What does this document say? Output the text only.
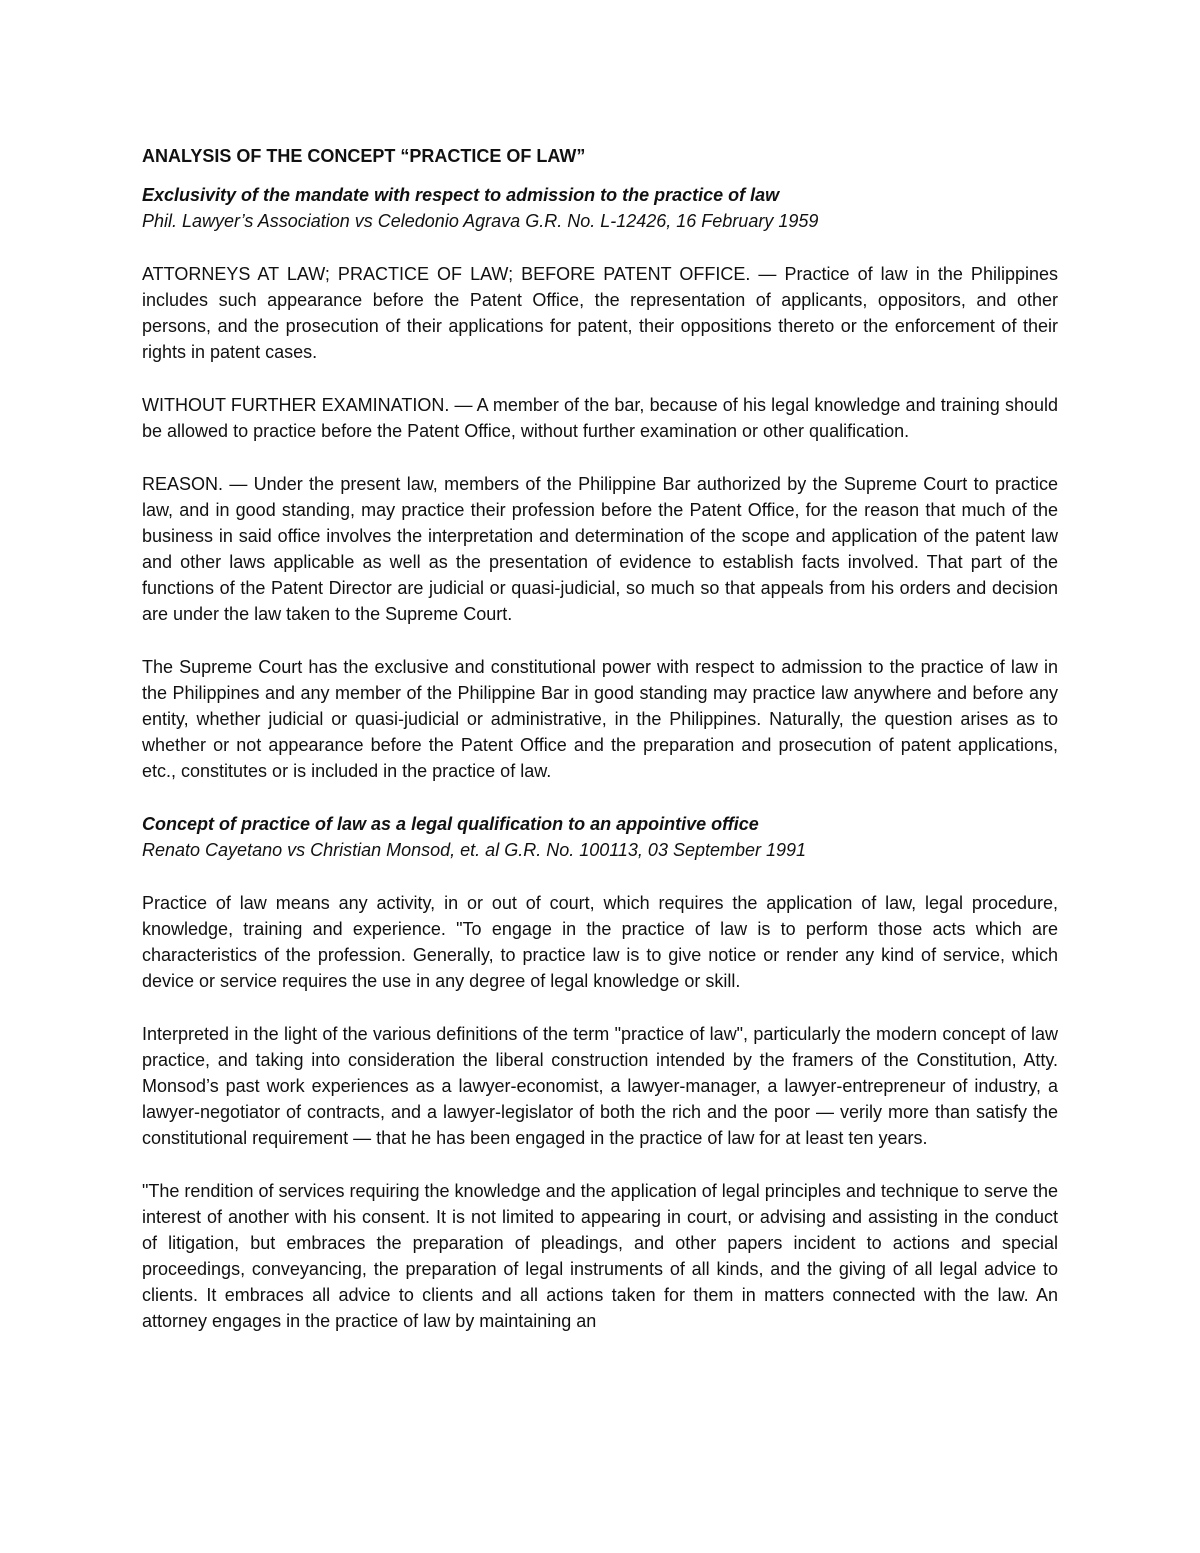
ANALYSIS OF THE CONCEPT “PRACTICE OF LAW”

Exclusivity of the mandate with respect to admission to the practice of law

Phil. Lawyer’s Association vs Celedonio Agrava G.R. No. L-12426, 16 February 1959

ATTORNEYS AT LAW; PRACTICE OF LAW; BEFORE PATENT OFFICE. — Practice of law in the Philippines includes such appearance before the Patent Office, the representation of applicants, oppositors, and other persons, and the prosecution of their applications for patent, their oppositions thereto or the enforcement of their rights in patent cases.

WITHOUT FURTHER EXAMINATION. — A member of the bar, because of his legal knowledge and training should be allowed to practice before the Patent Office, without further examination or other qualification.

REASON. — Under the present law, members of the Philippine Bar authorized by the Supreme Court to practice law, and in good standing, may practice their profession before the Patent Office, for the reason that much of the business in said office involves the interpretation and determination of the scope and application of the patent law and other laws applicable as well as the presentation of evidence to establish facts involved. That part of the functions of the Patent Director are judicial or quasi-judicial, so much so that appeals from his orders and decision are under the law taken to the Supreme Court.

The Supreme Court has the exclusive and constitutional power with respect to admission to the practice of law in the Philippines and any member of the Philippine Bar in good standing may practice law anywhere and before any entity, whether judicial or quasi-judicial or administrative, in the Philippines. Naturally, the question arises as to whether or not appearance before the Patent Office and the preparation and prosecution of patent applications, etc., constitutes or is included in the practice of law.

Concept of practice of law as a legal qualification to an appointive office

Renato Cayetano vs Christian Monsod, et. al G.R. No. 100113, 03 September 1991

Practice of law means any activity, in or out of court, which requires the application of law, legal procedure, knowledge, training and experience. "To engage in the practice of law is to perform those acts which are characteristics of the profession. Generally, to practice law is to give notice or render any kind of service, which device or service requires the use in any degree of legal knowledge or skill.

Interpreted in the light of the various definitions of the term "practice of law", particularly the modern concept of law practice, and taking into consideration the liberal construction intended by the framers of the Constitution, Atty. Monsod’s past work experiences as a lawyer-economist, a lawyer-manager, a lawyer-entrepreneur of industry, a lawyer-negotiator of contracts, and a lawyer-legislator of both the rich and the poor — verily more than satisfy the constitutional requirement — that he has been engaged in the practice of law for at least ten years.

"The rendition of services requiring the knowledge and the application of legal principles and technique to serve the interest of another with his consent. It is not limited to appearing in court, or advising and assisting in the conduct of litigation, but embraces the preparation of pleadings, and other papers incident to actions and special proceedings, conveyancing, the preparation of legal instruments of all kinds, and the giving of all legal advice to clients. It embraces all advice to clients and all actions taken for them in matters connected with the law. An attorney engages in the practice of law by maintaining an
